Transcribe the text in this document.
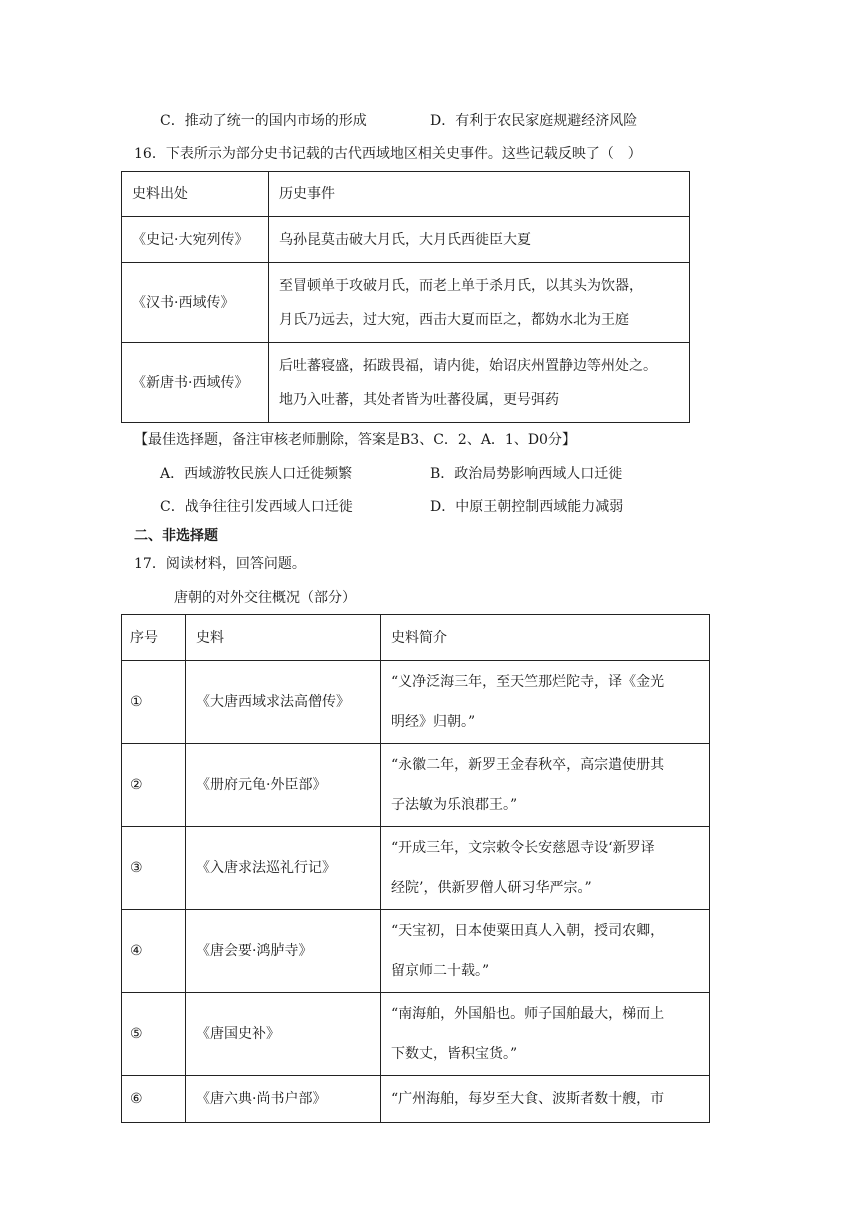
C．推动了统一的国内市场的形成	D．有利于农民家庭规避经济风险
16．下表所示为部分史书记载的古代西域地区相关史事件。这些记载反映了（　）
史料出处	历史事件
《史记·大宛列传》	乌孙昆莫击破大月氏，大月氏西徙臣大夏
《汉书·西域传》	至冒顿单于攻破月氏，而老上单于杀月氏，以其头为饮器，
月氏乃远去，过大宛，西击大夏而臣之，都妫水北为王庭

《新唐书·西域传》	后吐蕃寝盛，拓跋畏福，请内徙，始诏庆州置静边等州处之。
地乃入吐蕃，其处者皆为吐蕃役属，更号弭药
【最佳选择题，备注审核老师删除，答案是B3、C．2、A．1、D0分】
A．西域游牧民族人口迁徙频繁	B．政治局势影响西域人口迁徙
C．战争往往引发西域人口迁徙	D．中原王朝控制西域能力减弱
二、非选择题
17．阅读材料，回答问题。
唐朝的对外交往概况（部分）
序号	史料	史料简介
①	《大唐西域求法高僧传》	“义净泛海三年，至天竺那烂陀寺，译《金光
明经》归朝。”

②	《册府元龟·外臣部》	“永徽二年，新罗王金春秋卒，高宗遣使册其
子法敏为乐浪郡王。”

③	《入唐求法巡礼行记》	“开成三年，文宗敕令长安慈恩寺设‘新罗译
经院’，供新罗僧人研习华严宗。”

④	《唐会要·鸿胪寺》	“天宝初，日本使粟田真人入朝，授司农卿，
留京师二十载。”

⑤	《唐国史补》	“南海舶，外国船也。师子国舶最大，梯而上
下数丈，皆积宝货。”

⑥	《唐六典·尚书户部》	“广州海舶，每岁至大食、波斯者数十艘，市
